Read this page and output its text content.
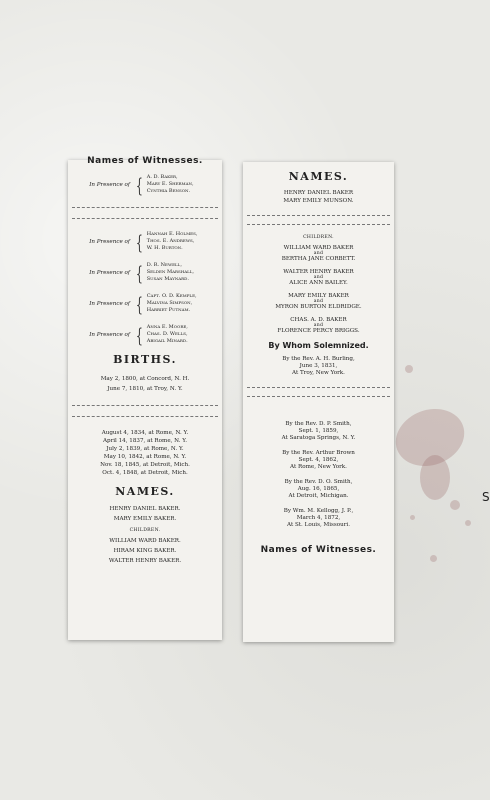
S
Names of Witnesses.
In Presence of { A. D. Baker,
Mary E. Sherman,
Cynthia Benson.
In Presence of { Hannah E. Holmes,
Thos. E. Andrews,
W. H. Burton.
In Presence of { D. R. Newell,
Selden Marshall,
Susan Maynard.
In Presence of { Capt. O. D. Kemple,
Malvina Simpson,
Harriet Putnam.
In Presence of { Anna E. Moore,
Chas. D. Wells,
Abigail Minard.
BIRTHS.
May 2, 1800, at Concord, N. H.
June 7, 1810, at Troy, N. Y.
August 4, 1834, at Rome, N. Y.
April 14, 1837, at Rome, N. Y.
July 2, 1839, at Rome, N. Y.
May 10, 1842, at Rome, N. Y.
Nov. 18, 1845, at Detroit, Mich.
Oct. 4, 1848, at Detroit, Mich.
NAMES.
HENRY DANIEL BAKER.
MARY EMILY BAKER.
CHILDREN.
WILLIAM WARD BAKER.
HIRAM KING BAKER.
WALTER HENRY BAKER.
NAMES.
HENRY DANIEL BAKER
MARY EMILY MUNSON.
CHILDREN.
WILLIAM WARD BAKER
and
BERTHA JANE CORBETT.
WALTER HENRY BAKER
and
ALICE ANN BAILEY.
MARY EMILY BAKER
and
MYRON BURTON ELDRIDGE.
CHAS. A. D. BAKER
and
FLORENCE PERCY BRIGGS.
By Whom Solemnized.
By the Rev. A. H. Burling,
June 3, 1831,
At Troy, New York.
By the Rev. D. P. Smith,
Sept. 1, 1859,
At Saratoga Springs, N. Y.
By the Rev. Arthur Brown
Sept. 4, 1862,
At Rome, New York.
By the Rev. D. O. Smith,
Aug. 16, 1865,
At Detroit, Michigan.
By Wm. M. Kellogg, J. P.,
March 4, 1872,
At St. Louis, Missouri.
Names of Witnesses.
